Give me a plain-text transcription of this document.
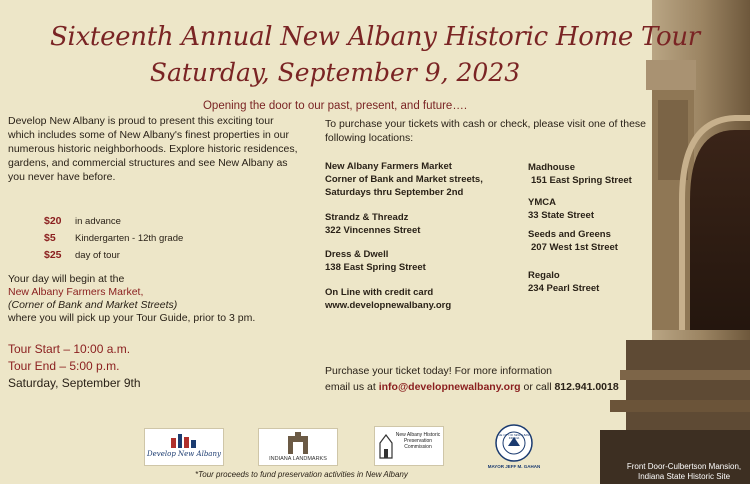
Sixteenth Annual New Albany Historic Home Tour
Saturday, September 9, 2023
Opening the door to our past, present, and future….
Develop New Albany is proud to present this exciting tour which includes some of New Albany's finest properties in our numerous historic neighborhoods. Explore historic residences, gardens, and commercial structures and see New Albany as you never have before.
$20 in advance
$5 Kindergarten - 12th grade
$25 day of tour
Your day will begin at the
New Albany Farmers Market,
(Corner of Bank and Market Streets)
where you will pick up your Tour Guide, prior to 3 pm.
Tour Start – 10:00 a.m.
Tour End – 5:00 p.m.
Saturday, September 9th
To purchase your tickets with cash or check, please visit one of these following locations:
New Albany Farmers Market
Corner of Bank and Market streets,
Saturdays thru September 2nd
Strandz & Threadz
322 Vincennes Street
Dress & Dwell
138 East Spring Street
On Line with credit card
www.developnewalbany.org
Madhouse
151 East Spring Street
YMCA
33 State Street
Seeds and Greens
207 West 1st Street
Regalo
234 Pearl Street
Purchase your ticket today! For more information
email us at info@developnewalbany.org or call 812.941.0018
Develop New Albany
INDIANA LANDMARKS
New Albany Historic Preservation Commission
THE CITY OF NEW ALBANY INDIANA
MAYOR JEFF M. GAHAN
*Tour proceeds to fund preservation activities in New Albany
Front Door-Culbertson Mansion, Indiana State Historic Site
